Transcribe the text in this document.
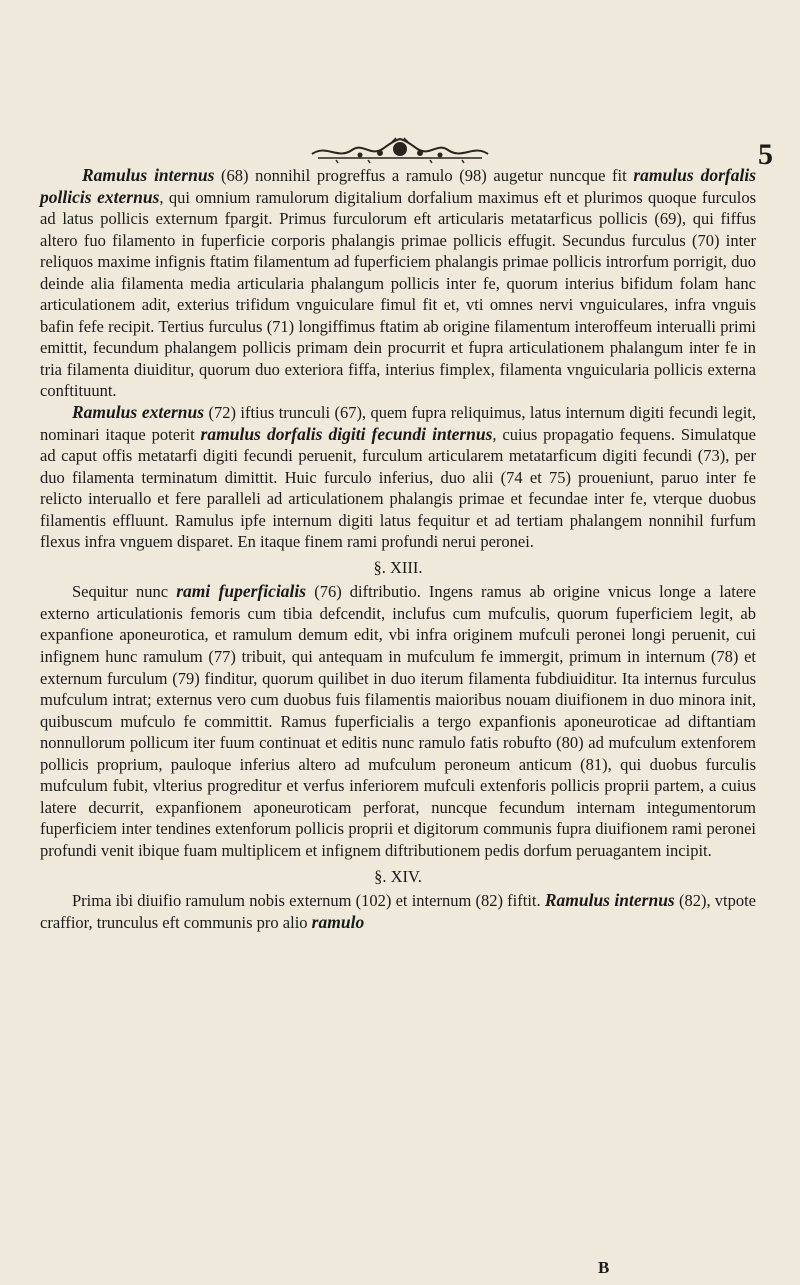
5

Ramulus internus (68) nonnihil progreffus a ramulo (98) augetur nuncque fit ramulus dorfalis pollicis externus, qui omnium ramulorum digitalium dorfalium maximus eft et plurimos quoque furculos ad latus pollicis externum fpargit. Primus furculorum eft articularis metatarficus pollicis (69), qui fiffus altero fuo filamento in fuperficie corporis phalangis primae pollicis effugit. Secundus furculus (70) inter reliquos maxime infignis ftatim filamentum ad fuperficiem phalangis primae pollicis introrfum porrigit, duo deinde alia filamenta media articularia phalangum pollicis inter fe, quorum interius bifidum folam hanc articulationem adit, exterius trifidum vnguiculare fimul fit et, vti omnes nervi vnguiculares, infra vnguis bafin fefe recipit. Tertius furculus (71) longiffimus ftatim ab origine filamentum interoffeum interualli primi emittit, fecundum phalangem pollicis primam dein procurrit et fupra articulationem phalangum inter fe in tria filamenta diuiditur, quorum duo exteriora fiffa, interius fimplex, filamenta vnguicularia pollicis externa conftituunt.

Ramulus externus (72) iftius trunculi (67), quem fupra reliquimus, latus internum digiti fecundi legit, nominari itaque poterit ramulus dorfalis digiti fecundi internus, cuius propagatio fequens. Simulatque ad caput offis metatarfi digiti fecundi peruenit, furculum articularem metatarficum digiti fecundi (73), per duo filamenta terminatum dimittit. Huic furculo inferius, duo alii (74 et 75) proueniunt, paruo inter fe relicto interuallo et fere paralleli ad articulationem phalangis primae et fecundae inter fe, vterque duobus filamentis effluunt. Ramulus ipfe internum digiti latus fequitur et ad tertiam phalangem nonnihil furfum flexus infra vnguem disparet. En itaque finem rami profundi nerui peronei.

§. XIII.

Sequitur nunc rami fuperficialis (76) diftributio. Ingens ramus ab origine vnicus longe a latere externo articulationis femoris cum tibia defcendit, inclufus cum mufculis, quorum fuperficiem legit, ab expanfione aponeurotica, et ramulum demum edit, vbi infra originem mufculi peronei longi peruenit, cui infignem hunc ramulum (77) tribuit, qui antequam in mufculum fe immergit, primum in internum (78) et externum furculum (79) finditur, quorum quilibet in duo iterum filamenta fubdiuiditur. Ita internus furculus mufculum intrat; externus vero cum duobus fuis filamentis maioribus nouam diuifionem in duo minora init, quibuscum mufculo fe committit. Ramus fuperficialis a tergo expanfionis aponeuroticae ad diftantiam nonnullorum pollicum iter fuum continuat et editis nunc ramulo fatis robufto (80) ad mufculum extenforem pollicis proprium, pauloque inferius altero ad mufculum peroneum anticum (81), qui duobus furculis mufculum fubit, vlterius progreditur et verfus inferiorem mufculi extenforis pollicis proprii partem, a cuius latere decurrit, expanfionem aponeuroticam perforat, nuncque fecundum internam integumentorum fuperficiem inter tendines extenforum pollicis proprii et digitorum communis fupra diuifionem rami peronei profundi venit ibique fuam multiplicem et infignem diftributionem pedis dorfum peruagantem incipit.

§. XIV.

Prima ibi diuifio ramulum nobis externum (102) et internum (82) fiftit. Ramulus internus (82), vtpote craffior, trunculus eft communis pro alio ramulo

B
